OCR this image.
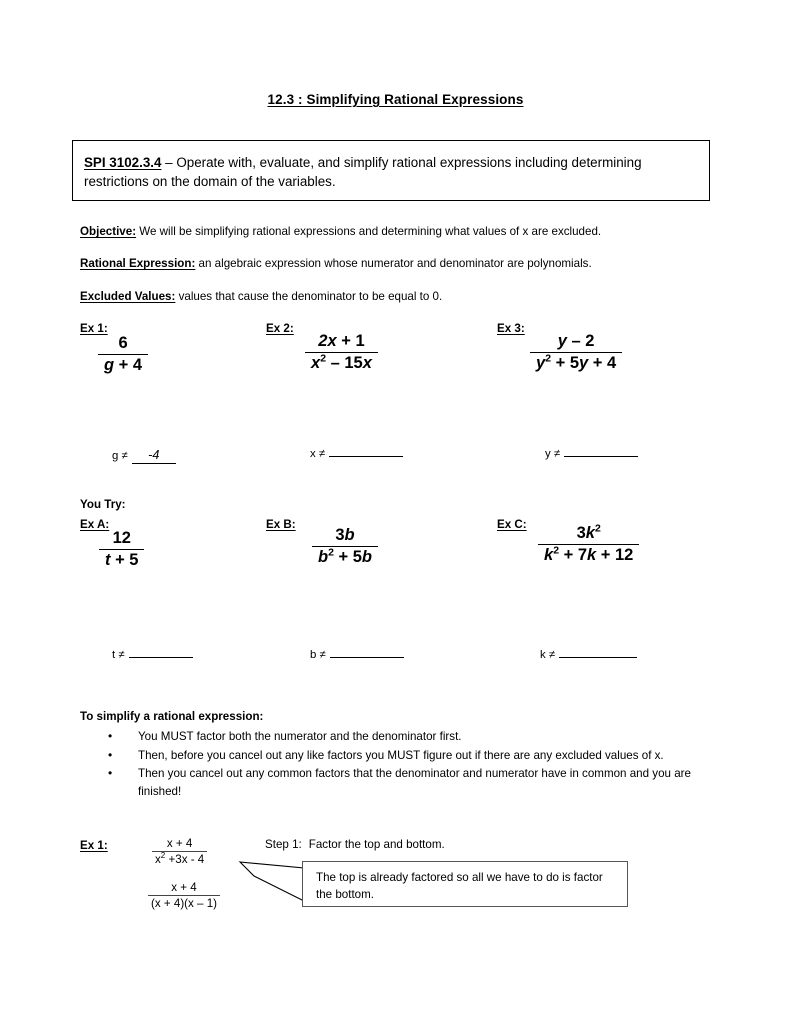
12.3 : Simplifying Rational Expressions
SPI 3102.3.4 – Operate with, evaluate, and simplify rational expressions including determining restrictions on the domain of the variables.
Objective: We will be simplifying rational expressions and determining what values of x are excluded.
Rational Expression: an algebraic expression whose numerator and denominator are polynomials.
Excluded Values: values that cause the denominator to be equal to 0.
Ex 1:	Ex 2:	Ex 3:
$\frac{6}{g + 4}$	$\frac{2x + 1}{x^2 - 15x}$	$\frac{y - 2}{y^2 + 5y + 4}$
g ≠ -4	x ≠	y ≠
You Try:
Ex A:	Ex B:	Ex C:
$\frac{12}{t + 5}$	$\frac{3b}{b^2 + 5b}$	$\frac{3k^2}{k^2 + 7k + 12}$
t ≠	b ≠	k ≠
To simplify a rational expression:
• You MUST factor both the numerator and the denominator first.
• Then, before you cancel out any like factors you MUST figure out if there are any excluded values of x.
• Then you cancel out any common factors that the denominator and numerator have in common and you are finished!
Ex 1:	$\frac{x + 4}{x^2 +3x - 4}$
$\frac{x + 4}{(x + 4)(x - 1)}$
Step 1: Factor the top and bottom.
The top is already factored so all we have to do is factor the bottom.
